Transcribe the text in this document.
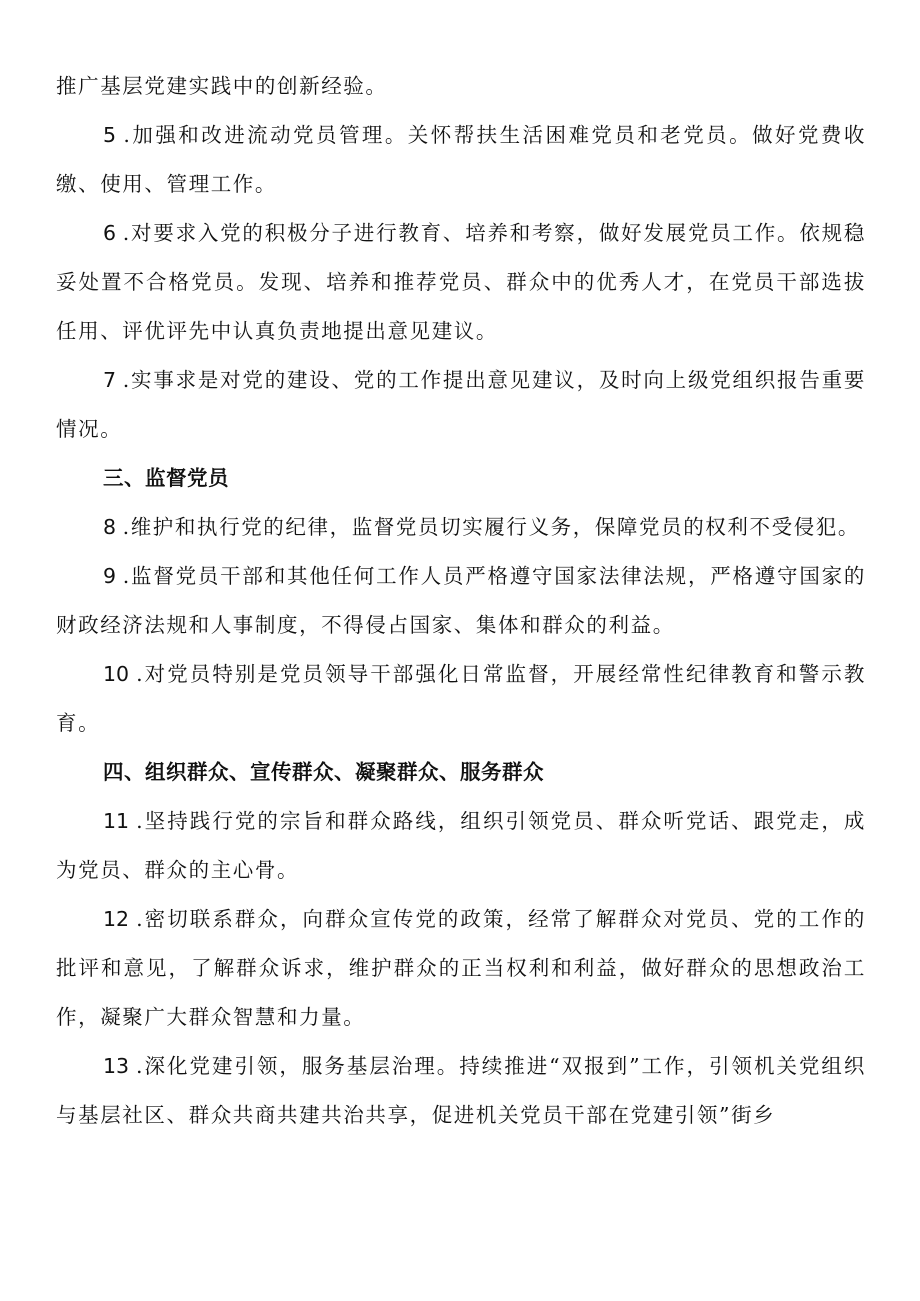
推广基层党建实践中的创新经验。

5 .加强和改进流动党员管理。关怀帮扶生活困难党员和老党员。做好党费收缴、使用、管理工作。

6 .对要求入党的积极分子进行教育、培养和考察，做好发展党员工作。依规稳妥处置不合格党员。发现、培养和推荐党员、群众中的优秀人才，在党员干部选拔任用、评优评先中认真负责地提出意见建议。

7 .实事求是对党的建设、党的工作提出意见建议，及时向上级党组织报告重要情况。

三、监督党员

8 .维护和执行党的纪律，监督党员切实履行义务，保障党员的权利不受侵犯。

9 .监督党员干部和其他任何工作人员严格遵守国家法律法规，严格遵守国家的财政经济法规和人事制度，不得侵占国家、集体和群众的利益。

10 .对党员特别是党员领导干部强化日常监督，开展经常性纪律教育和警示教育。

四、组织群众、宣传群众、凝聚群众、服务群众

11 .坚持践行党的宗旨和群众路线，组织引领党员、群众听党话、跟党走，成为党员、群众的主心骨。

12 .密切联系群众，向群众宣传党的政策，经常了解群众对党员、党的工作的批评和意见，了解群众诉求，维护群众的正当权利和利益，做好群众的思想政治工作，凝聚广大群众智慧和力量。

13 .深化党建引领，服务基层治理。持续推进“双报到”工作，引领机关党组织与基层社区、群众共商共建共治共享，促进机关党员干部在党建引领”街乡
